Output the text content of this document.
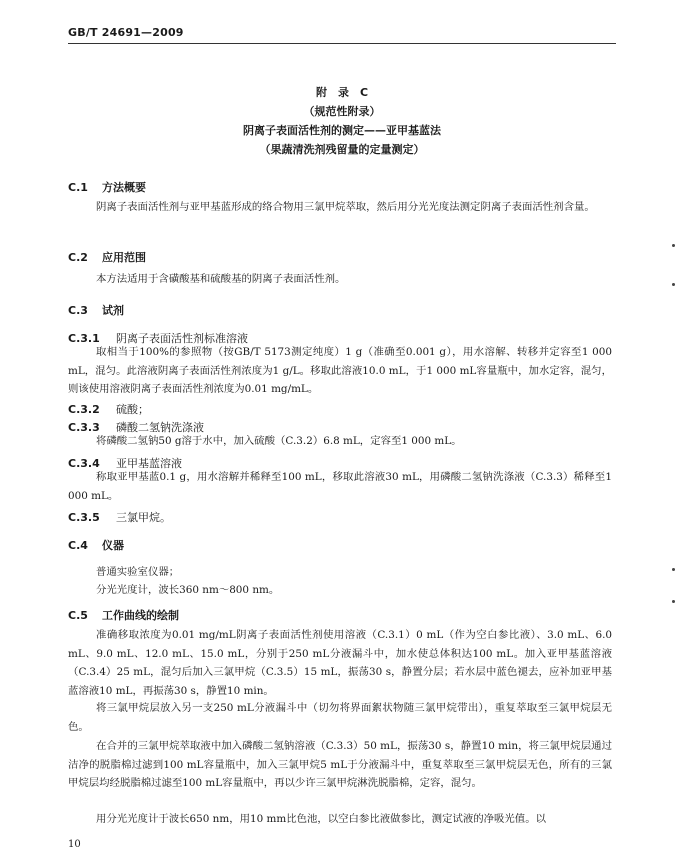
GB/T 24691—2009
附　录　C
（规范性附录）
阴离子表面活性剂的测定——亚甲基蓝法
（果蔬清洗剂残留量的定量测定）
C.1 方法概要

阴离子表面活性剂与亚甲基蓝形成的络合物用三氯甲烷萃取，然后用分光光度法测定阴离子表面活性剂含量。

C.2 应用范围

本方法适用于含磺酸基和硫酸基的阴离子表面活性剂。

C.3 试剂
C.3.1 阴离子表面活性剂标准溶液

取相当于100%的参照物（按GB/T 5173测定纯度）1 g（准确至0.001 g），用水溶解、转移并定容至1 000 mL，混匀。此溶液阴离子表面活性剂浓度为1 g/L。移取此溶液10.0 mL，于1 000 mL容量瓶中，加水定容，混匀，则该使用溶液阴离子表面活性剂浓度为0.01 mg/mL。

C.3.2 硫酸；
C.3.3 磷酸二氢钠洗涤液

将磷酸二氢钠50 g溶于水中，加入硫酸（C.3.2）6.8 mL，定容至1 000 mL。

C.3.4 亚甲基蓝溶液

称取亚甲基蓝0.1 g，用水溶解并稀释至100 mL，移取此溶液30 mL，用磷酸二氢钠洗涤液（C.3.3）稀释至1 000 mL。

C.3.5 三氯甲烷。
C.4 仪器
普通实验室仪器；
分光光度计，波长360 nm～800 nm。
C.5 工作曲线的绘制

准确移取浓度为0.01 mg/mL阴离子表面活性剂使用溶液（C.3.1）0 mL（作为空白参比液）、3.0 mL、6.0 mL、9.0 mL、12.0 mL、15.0 mL，分别于250 mL分液漏斗中，加水使总体积达100 mL。加入亚甲基蓝溶液（C.3.4）25 mL，混匀后加入三氯甲烷（C.3.5）15 mL，振荡30 s，静置分层；若水层中蓝色褪去，应补加亚甲基蓝溶液10 mL，再振荡30 s，静置10 min。

将三氯甲烷层放入另一支250 mL分液漏斗中（切勿将界面絮状物随三氯甲烷带出），重复萃取至三氯甲烷层无色。

在合并的三氯甲烷萃取液中加入磷酸二氢钠溶液（C.3.3）50 mL，振荡30 s，静置10 min，将三氯甲烷层通过洁净的脱脂棉过滤到100 mL容量瓶中，加入三氯甲烷5 mL于分液漏斗中，重复萃取至三氯甲烷层无色，所有的三氯甲烷层均经脱脂棉过滤至100 mL容量瓶中，再以少许三氯甲烷淋洗脱脂棉，定容，混匀。

用分光光度计于波长650 nm，用10 mm比色池，以空白参比液做参比，测定试液的净吸光值。以

10
